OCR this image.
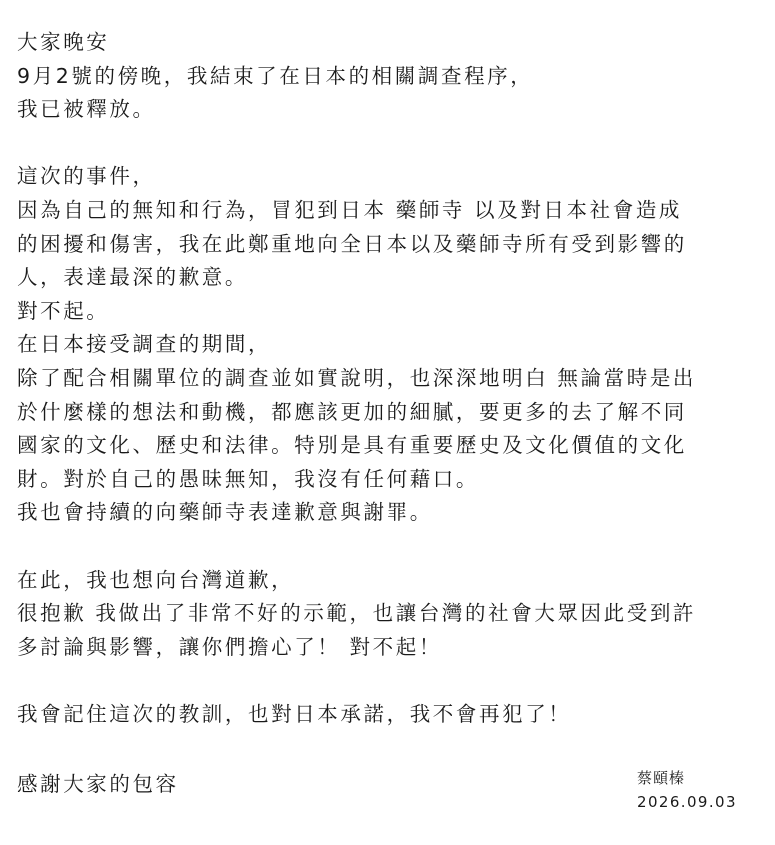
大家晚安
9月2號的傍晚，我結束了在日本的相關調查程序，
我已被釋放。
這次的事件，
因為自己的無知和行為，冒犯到日本 藥師寺 以及對日本社會造成
的困擾和傷害，我在此鄭重地向全日本以及藥師寺所有受到影響的
人，表達最深的歉意。
對不起。
在日本接受調查的期間，
除了配合相關單位的調查並如實說明，也深深地明白 無論當時是出
於什麼樣的想法和動機，都應該更加的細膩，要更多的去了解不同
國家的文化、歷史和法律。特別是具有重要歷史及文化價值的文化
財。對於自己的愚昧無知，我沒有任何藉口。
我也會持續的向藥師寺表達歉意與謝罪。
在此，我也想向台灣道歉，
很抱歉 我做出了非常不好的示範，也讓台灣的社會大眾因此受到許
多討論與影響，讓你們擔心了！ 對不起！
我會記住這次的教訓，也對日本承諾，我不會再犯了！
感謝大家的包容	蔡頤榛
2026.09.03
